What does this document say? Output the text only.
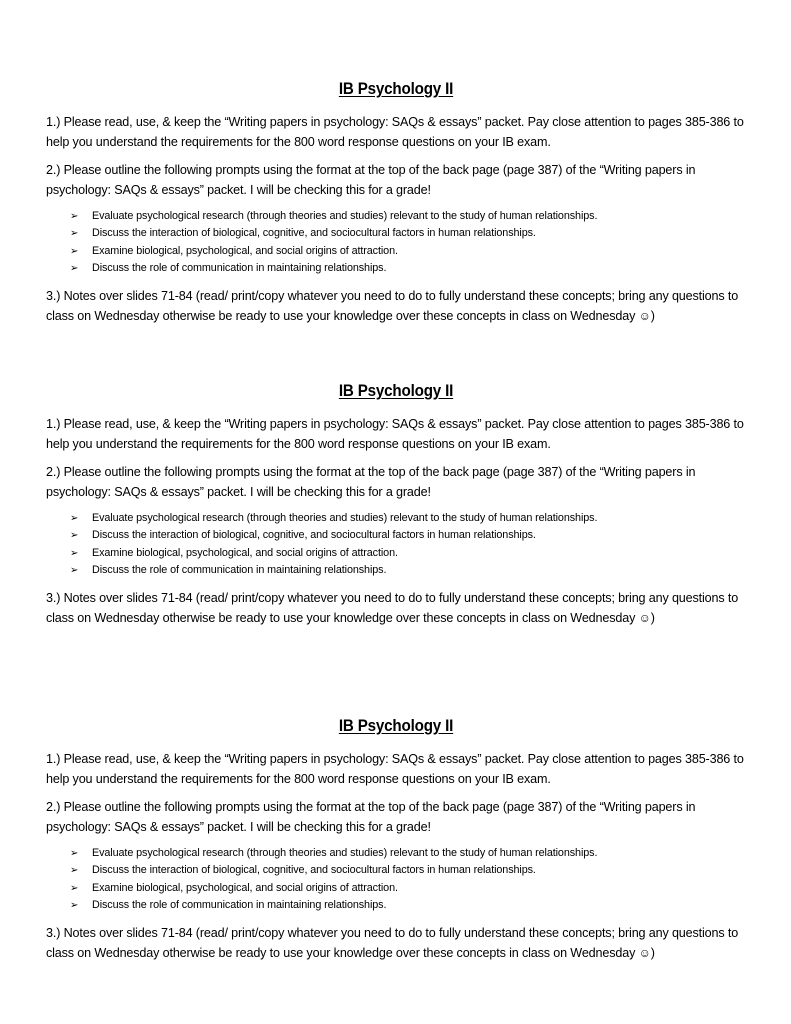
IB Psychology II

1.) Please read, use, & keep the “Writing papers in psychology: SAQs & essays” packet. Pay close attention to pages 385-386 to help you understand the requirements for the 800 word response questions on your IB exam.

2.) Please outline the following prompts using the format at the top of the back page (page 387) of the “Writing papers in psychology: SAQs & essays” packet. I will be checking this for a grade!

➢	Evaluate psychological research (through theories and studies) relevant to the study of human relationships.
➢	Discuss the interaction of biological, cognitive, and sociocultural factors in human relationships.
➢	Examine biological, psychological, and social origins of attraction.
➢	Discuss the role of communication in maintaining relationships.

3.) Notes over slides 71-84 (read/ print/copy whatever you need to do to fully understand these concepts; bring any questions to class on Wednesday otherwise be ready to use your knowledge over these concepts in class on Wednesday ☺)

IB Psychology II

1.) Please read, use, & keep the “Writing papers in psychology: SAQs & essays” packet. Pay close attention to pages 385-386 to help you understand the requirements for the 800 word response questions on your IB exam.

2.) Please outline the following prompts using the format at the top of the back page (page 387) of the “Writing papers in psychology: SAQs & essays” packet. I will be checking this for a grade!

➢	Evaluate psychological research (through theories and studies) relevant to the study of human relationships.
➢	Discuss the interaction of biological, cognitive, and sociocultural factors in human relationships.
➢	Examine biological, psychological, and social origins of attraction.
➢	Discuss the role of communication in maintaining relationships.

3.) Notes over slides 71-84 (read/ print/copy whatever you need to do to fully understand these concepts; bring any questions to class on Wednesday otherwise be ready to use your knowledge over these concepts in class on Wednesday ☺)

IB Psychology II

1.) Please read, use, & keep the “Writing papers in psychology: SAQs & essays” packet. Pay close attention to pages 385-386 to help you understand the requirements for the 800 word response questions on your IB exam.

2.) Please outline the following prompts using the format at the top of the back page (page 387) of the “Writing papers in psychology: SAQs & essays” packet. I will be checking this for a grade!

➢	Evaluate psychological research (through theories and studies) relevant to the study of human relationships.
➢	Discuss the interaction of biological, cognitive, and sociocultural factors in human relationships.
➢	Examine biological, psychological, and social origins of attraction.
➢	Discuss the role of communication in maintaining relationships.

3.) Notes over slides 71-84 (read/ print/copy whatever you need to do to fully understand these concepts; bring any questions to class on Wednesday otherwise be ready to use your knowledge over these concepts in class on Wednesday ☺)
